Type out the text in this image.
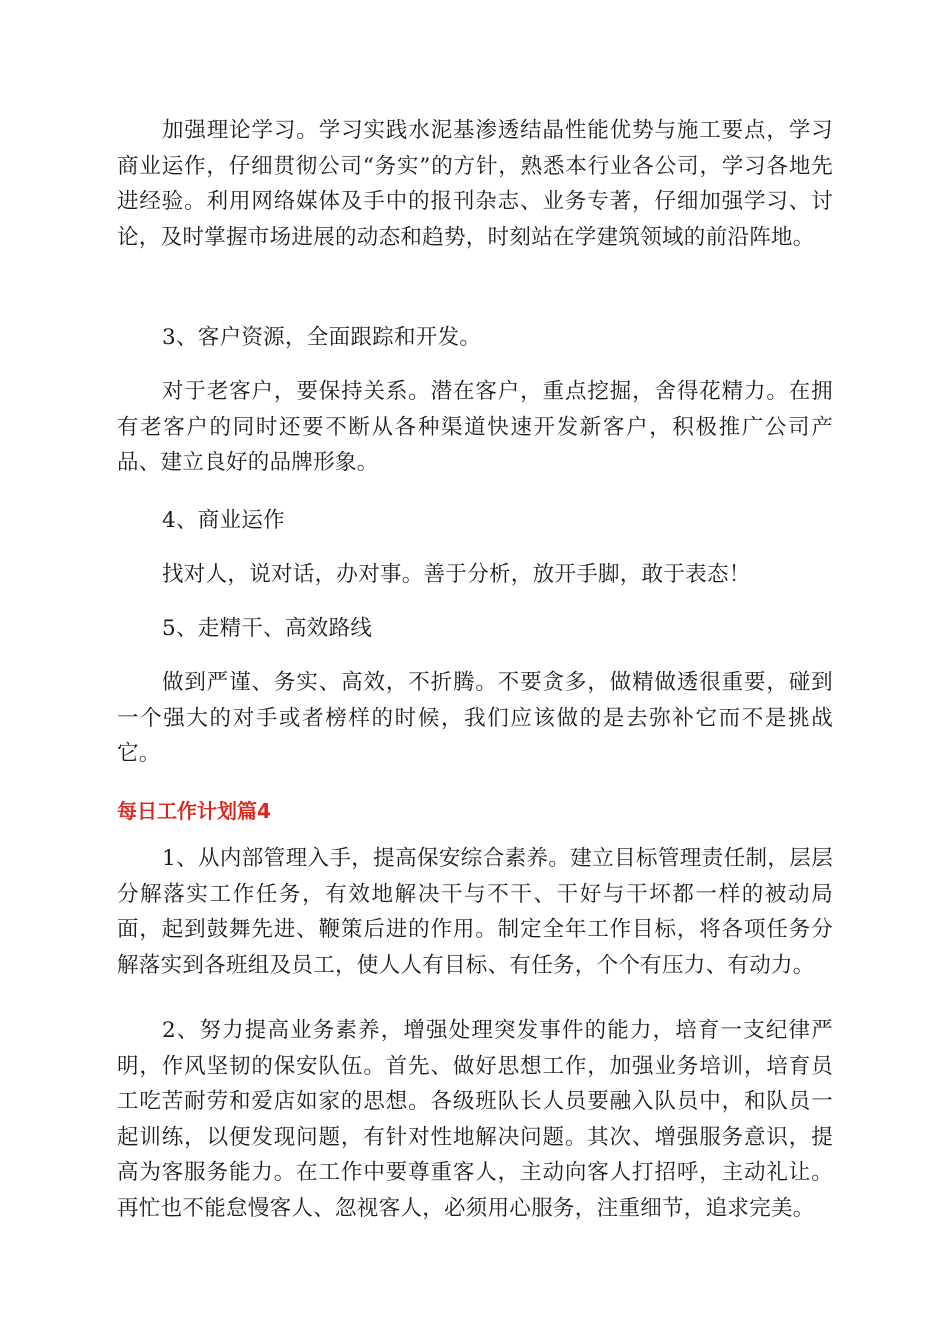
加强理论学习。学习实践水泥基渗透结晶性能优势与施工要点，学习商业运作，仔细贯彻公司“务实”的方针，熟悉本行业各公司，学习各地先进经验。利用网络媒体及手中的报刊杂志、业务专著，仔细加强学习、讨论，及时掌握市场进展的动态和趋势，时刻站在学建筑领域的前沿阵地。

3、客户资源，全面跟踪和开发。

对于老客户，要保持关系。潜在客户，重点挖掘，舍得花精力。在拥有老客户的同时还要不断从各种渠道快速开发新客户，积极推广公司产品、建立良好的品牌形象。

4、商业运作

找对人，说对话，办对事。善于分析，放开手脚，敢于表态！

5、走精干、高效路线

做到严谨、务实、高效，不折腾。不要贪多，做精做透很重要，碰到一个强大的对手或者榜样的时候，我们应该做的是去弥补它而不是挑战它。

每日工作计划篇4

1、从内部管理入手，提高保安综合素养。建立目标管理责任制，层层分解落实工作任务，有效地解决干与不干、干好与干坏都一样的被动局面，起到鼓舞先进、鞭策后进的作用。制定全年工作目标，将各项任务分解落实到各班组及员工，使人人有目标、有任务，个个有压力、有动力。

2、努力提高业务素养，增强处理突发事件的能力，培育一支纪律严明，作风坚韧的保安队伍。首先、做好思想工作，加强业务培训，培育员工吃苦耐劳和爱店如家的思想。各级班队长人员要融入队员中，和队员一起训练，以便发现问题，有针对性地解决问题。其次、增强服务意识，提高为客服务能力。在工作中要尊重客人，主动向客人打招呼，主动礼让。再忙也不能怠慢客人、忽视客人，必须用心服务，注重细节，追求完美。
